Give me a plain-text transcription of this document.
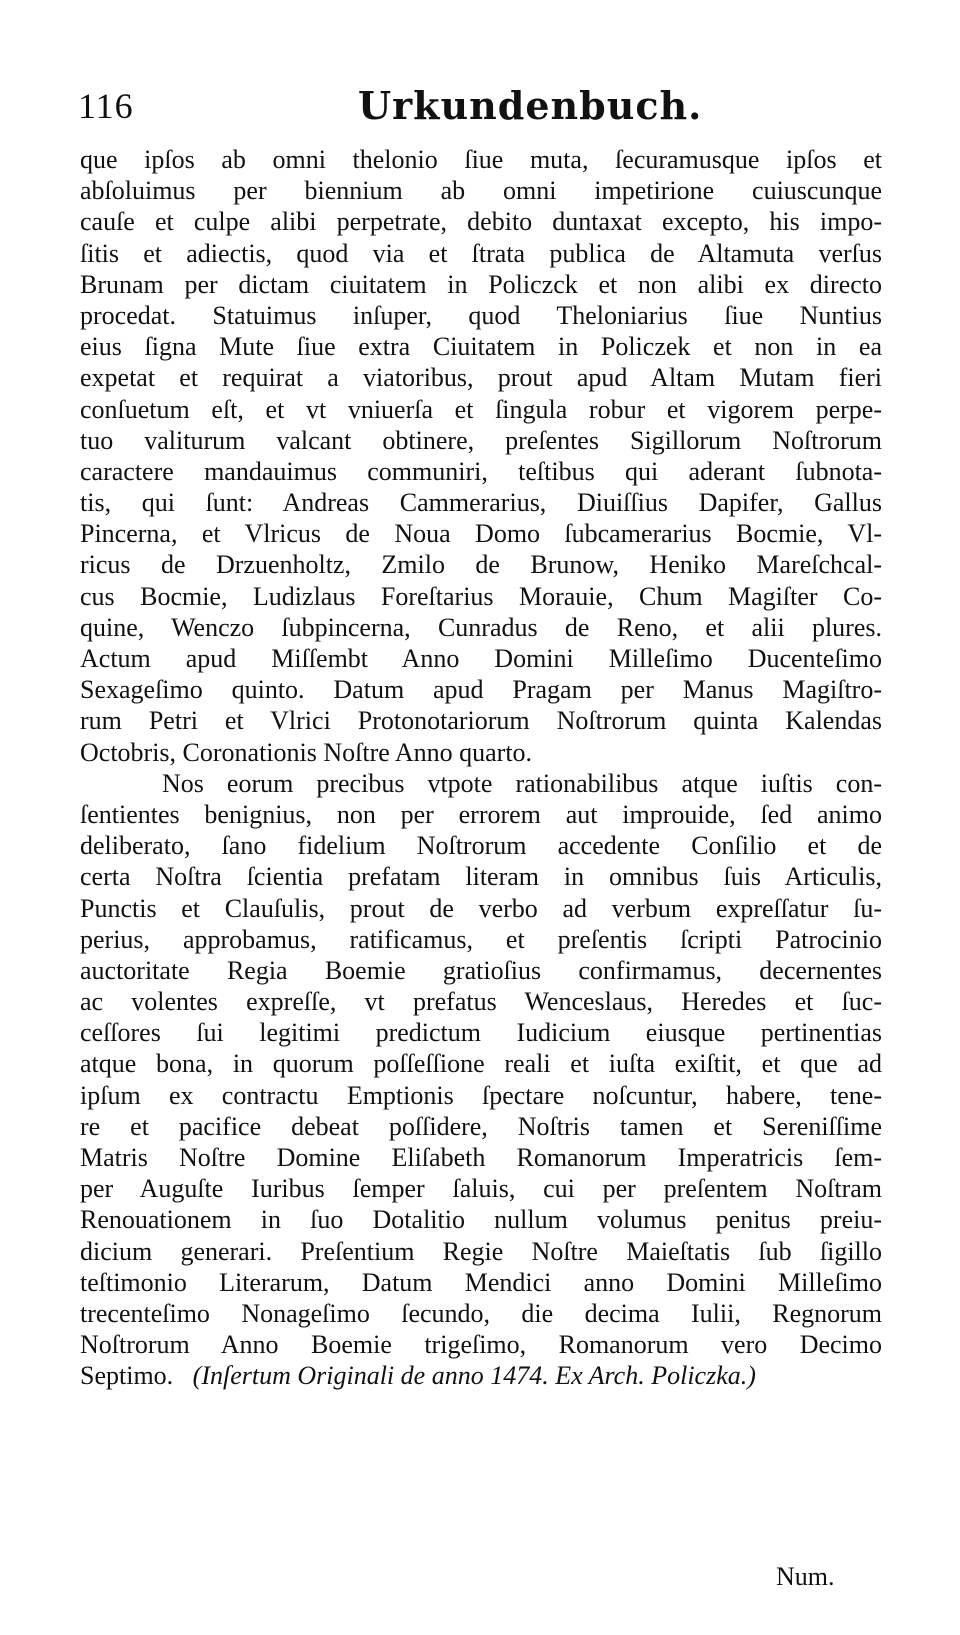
116	Urkundenbuch.
que ipſos ab omni thelonio ſiue muta, ſecuramusque ipſos et
abſoluimus per biennium ab omni impetirione cuiuscunque
cauſe et culpe alibi perpetrate, debito duntaxat excepto, his impo-
ſitis et adiectis, quod via et ſtrata publica de Altamuta verſus
Brunam per dictam ciuitatem in Policzck et non alibi ex directo
procedat. Statuimus inſuper, quod Theloniarius ſiue Nuntius
eius ſigna Mute ſiue extra Ciuitatem in Policzek et non in ea
expetat et requirat a viatoribus, prout apud Altam Mutam fieri
conſuetum eſt, et vt vniuerſa et ſingula robur et vigorem perpe-
tuo valiturum valcant obtinere, preſentes Sigillorum Noſtrorum
caractere mandauimus communiri, teſtibus qui aderant ſubnota-
tis, qui ſunt: Andreas Cammerarius, Diuiſſius Dapifer, Gallus
Pincerna, et Vlricus de Noua Domo ſubcamerarius Bocmie, Vl-
ricus de Drzuenholtz, Zmilo de Brunow, Heniko Mareſchcal-
cus Bocmie, Ludizlaus Foreſtarius Morauie, Chum Magiſter Co-
quine, Wenczo ſubpincerna, Cunradus de Reno, et alii plures.
Actum apud Miſſembt Anno Domini Milleſimo Ducenteſimo
Sexageſimo quinto. Datum apud Pragam per Manus Magiſtro-
rum Petri et Vlrici Protonotariorum Noſtrorum quinta Kalendas
Octobris, Coronationis Noſtre Anno quarto.
Nos eorum precibus vtpote rationabilibus atque iuſtis con-
ſentientes benignius, non per errorem aut improuide, ſed animo
deliberato, ſano fidelium Noſtrorum accedente Conſilio et de
certa Noſtra ſcientia prefatam literam in omnibus ſuis Articulis,
Punctis et Clauſulis, prout de verbo ad verbum expreſſatur ſu-
perius, approbamus, ratificamus, et preſentis ſcripti Patrocinio
auctoritate Regia Boemie gratioſius confirmamus, decernentes
ac volentes expreſſe, vt prefatus Wenceslaus, Heredes et ſuc-
ceſſores ſui legitimi predictum Iudicium eiusque pertinentias
atque bona, in quorum poſſeſſione reali et iuſta exiſtit, et que ad
ipſum ex contractu Emptionis ſpectare noſcuntur, habere, tene-
re et pacifice debeat poſſidere, Noſtris tamen et Sereniſſime
Matris Noſtre Domine Eliſabeth Romanorum Imperatricis ſem-
per Auguſte Iuribus ſemper ſaluis, cui per preſentem Noſtram
Renouationem in ſuo Dotalitio nullum volumus penitus preiu-
dicium generari. Preſentium Regie Noſtre Maieſtatis ſub ſigillo
teſtimonio Literarum, Datum Mendici anno Domini Milleſimo
trecenteſimo Nonageſimo ſecundo, die decima Iulii, Regnorum
Noſtrorum Anno Boemie trigeſimo, Romanorum vero Decimo
Septimo. (Inſertum Originali de anno 1474. Ex Arch. Policzka.)
Num.
